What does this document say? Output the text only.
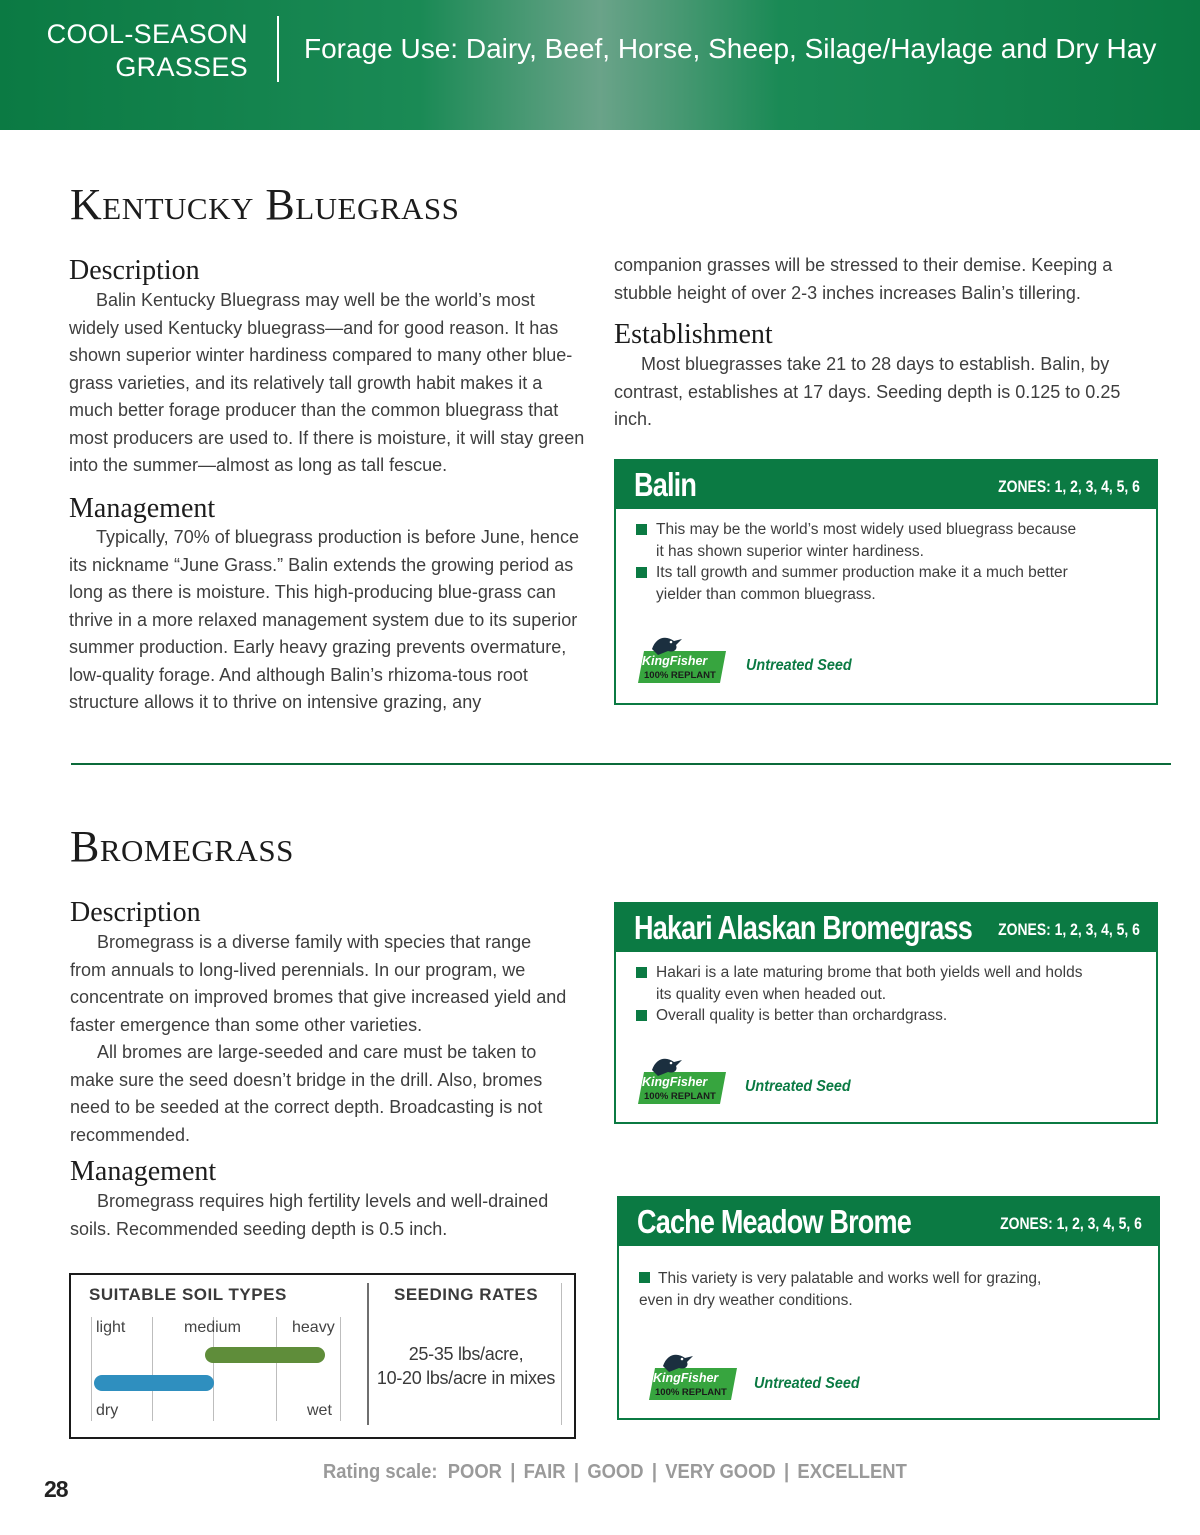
COOL-SEASON
GRASSES
Forage Use: Dairy, Beef, Horse, Sheep, Silage/Haylage and Dry Hay
Kentucky Bluegrass
Description

Balin Kentucky Bluegrass may well be the world’s most widely used Kentucky bluegrass—and for good reason. It has shown superior winter hardiness compared to many other blue-grass varieties, and its relatively tall growth habit makes it a much better forage producer than the common bluegrass that most producers are used to. If there is moisture, it will stay green into the summer—almost as long as tall fescue.

Management

Typically, 70% of bluegrass production is before June, hence its nickname “June Grass.” Balin extends the growing period as long as there is moisture. This high-producing blue-grass can thrive in a more relaxed management system due to its superior summer production. Early heavy grazing prevents overmature, low-quality forage. And although Balin’s rhizoma-tous root structure allows it to thrive on intensive grazing, any

companion grasses will be stressed to their demise. Keeping a stubble height of over 2-3 inches increases Balin’s tillering.
Establishment

Most bluegrasses take 21 to 28 days to establish. Balin, by contrast, establishes at 17 days. Seeding depth is 0.125 to 0.25 inch.

Balin	ZONES: 1, 2, 3, 4, 5, 6
This may be the world’s most widely used bluegrass because it has shown superior winter hardiness.
Its tall growth and summer production make it a much better yielder than common bluegrass.
KingFisher
100% REPLANT
Untreated Seed
Bromegrass
Description

Bromegrass is a diverse family with species that range from annuals to long-lived perennials. In our program, we concentrate on improved bromes that give increased yield and faster emergence than some other varieties.

All bromes are large-seeded and care must be taken to make sure the seed doesn’t bridge in the drill. Also, bromes need to be seeded at the correct depth. Broadcasting is not recommended.

Management

Bromegrass requires high fertility levels and well-drained soils. Recommended seeding depth is 0.5 inch.

SUITABLE SOIL TYPES	SEEDING RATES
light	medium	heavy
dry	wet
25-35 lbs/acre,
10-20 lbs/acre in mixes
Hakari Alaskan Bromegrass ZONES: 1, 2, 3, 4, 5, 6
Hakari is a late maturing brome that both yields well and holds its quality even when headed out.
Overall quality is better than orchardgrass.
KingFisher
100% REPLANT
Untreated Seed
Cache Meadow Brome	ZONES: 1, 2, 3, 4, 5, 6
This variety is very palatable and works well for grazing, even in dry weather conditions.
KingFisher
100% REPLANT
Untreated Seed
Rating scale: POOR | FAIR | GOOD | VERY GOOD | EXCELLENT
28
